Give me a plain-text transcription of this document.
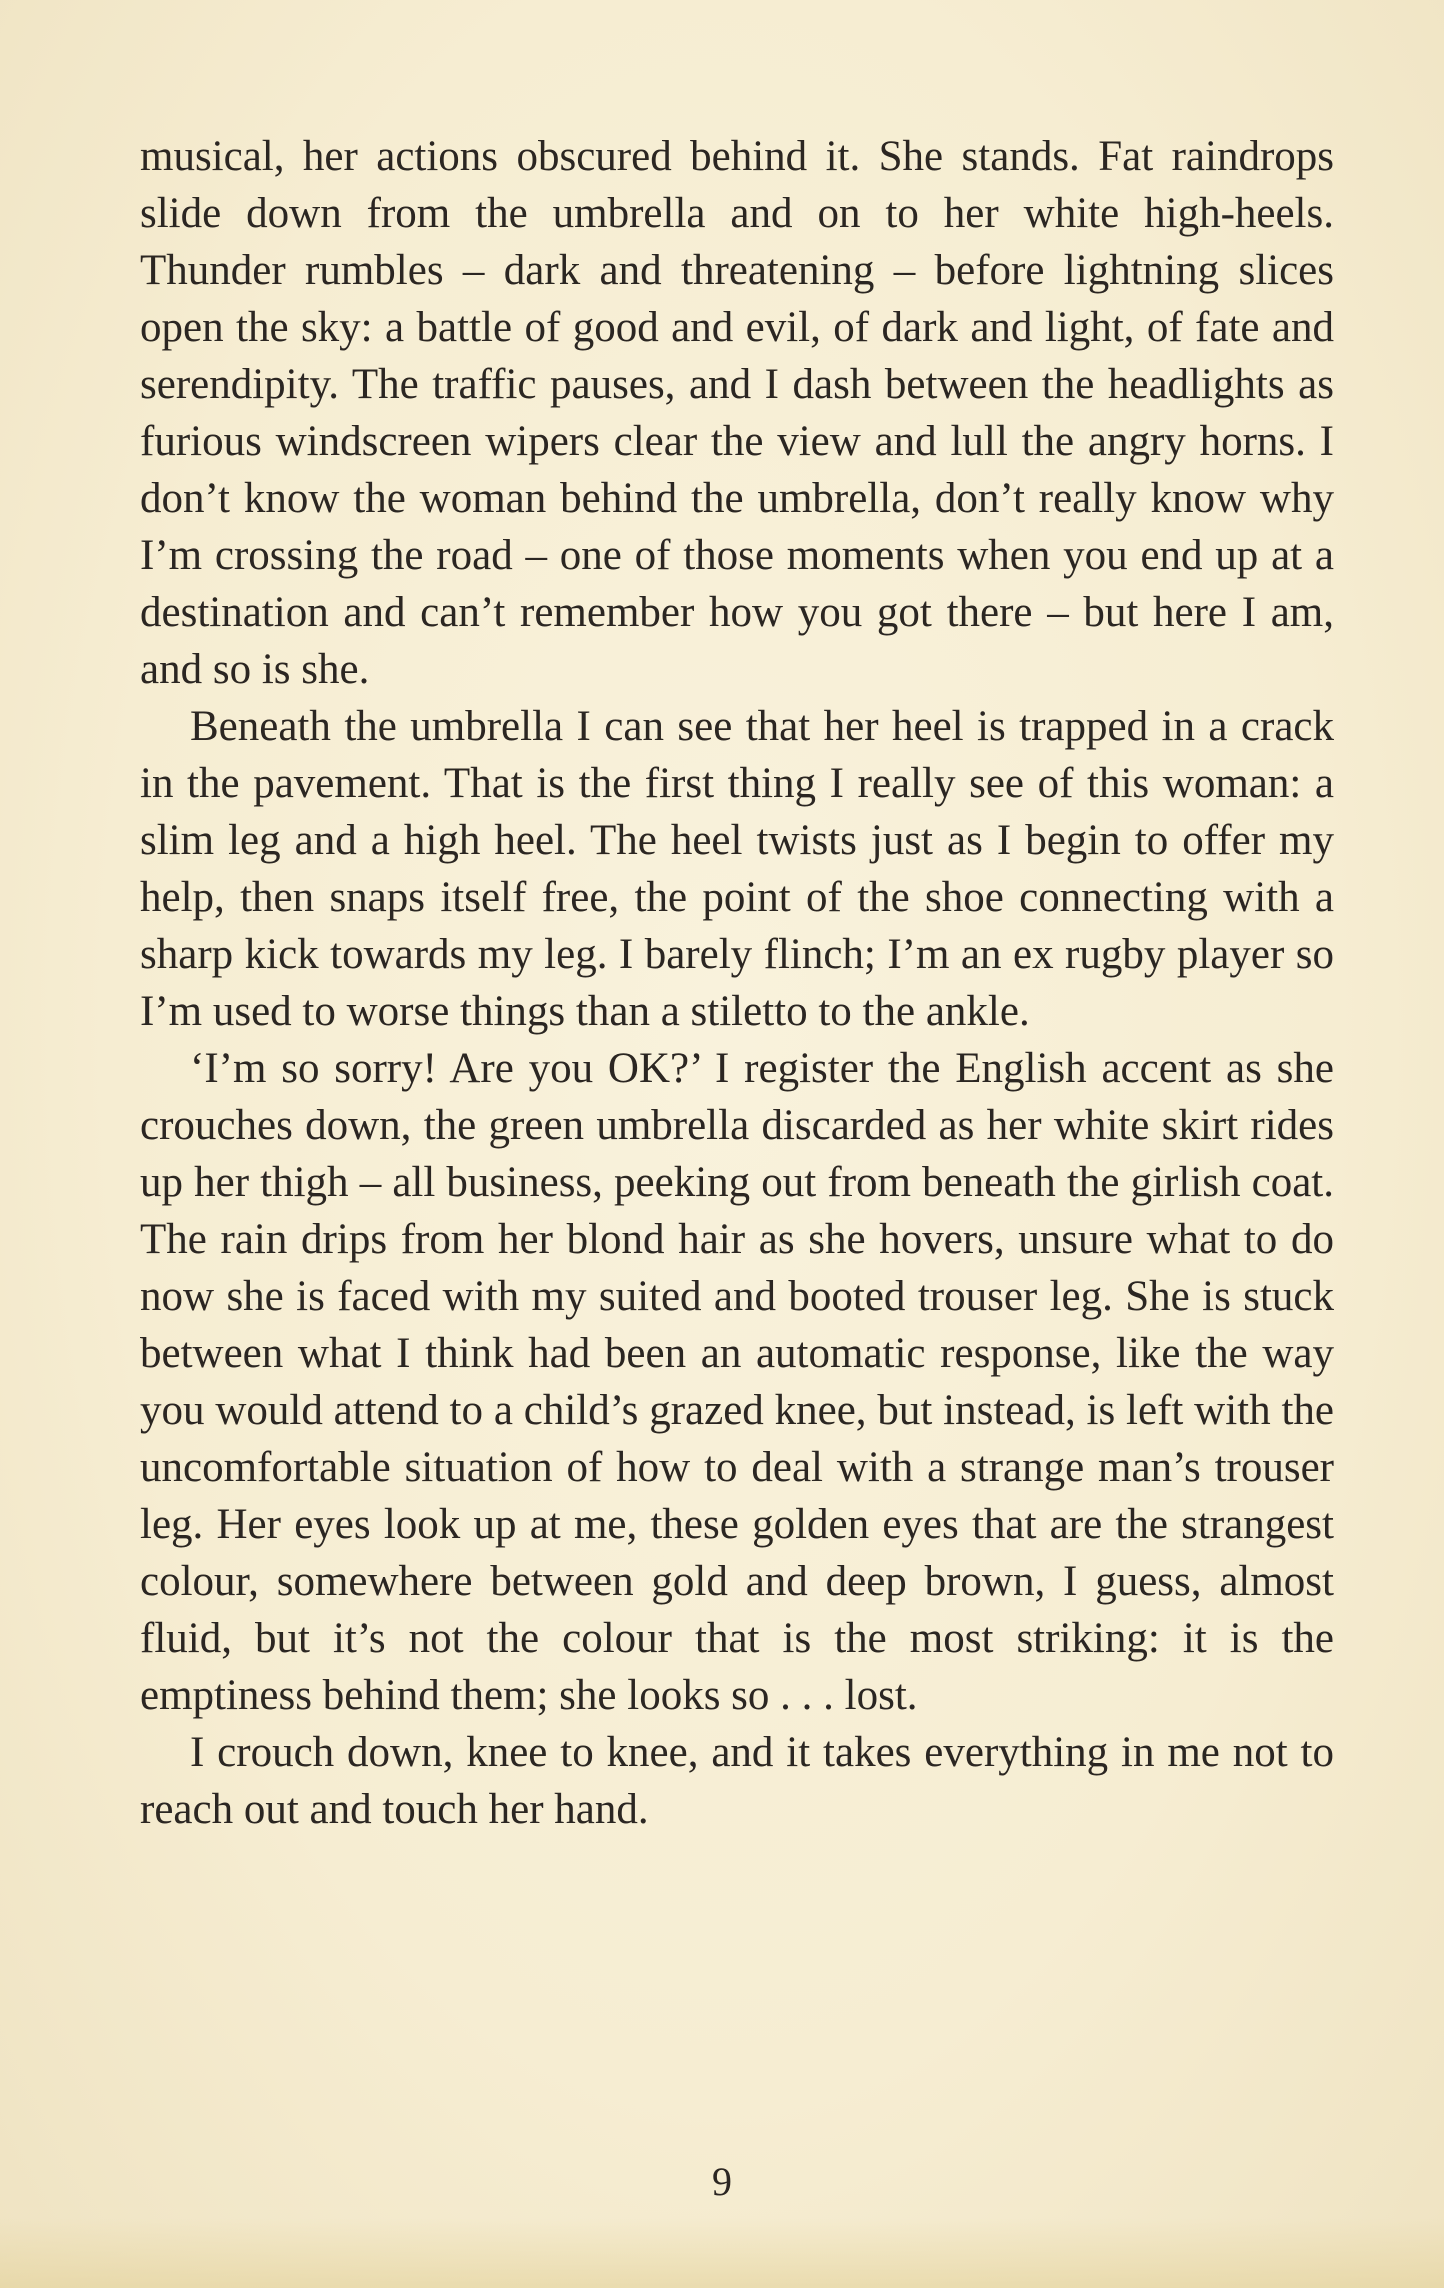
musical, her actions obscured behind it. She stands. Fat raindrops slide down from the umbrella and on to her white high-heels. Thunder rumbles – dark and threatening – before lightning slices open the sky: a battle of good and evil, of dark and light, of fate and serendipity. The traffic pauses, and I dash between the headlights as furious windscreen wipers clear the view and lull the angry horns. I don’t know the woman behind the umbrella, don’t really know why I’m crossing the road – one of those moments when you end up at a destination and can’t remember how you got there – but here I am, and so is she.

Beneath the umbrella I can see that her heel is trapped in a crack in the pavement. That is the first thing I really see of this woman: a slim leg and a high heel. The heel twists just as I begin to offer my help, then snaps itself free, the point of the shoe connecting with a sharp kick towards my leg. I barely flinch; I’m an ex rugby player so I’m used to worse things than a stiletto to the ankle.

‘I’m so sorry! Are you OK?’ I register the English accent as she crouches down, the green umbrella discarded as her white skirt rides up her thigh – all business, peeking out from beneath the girlish coat. The rain drips from her blond hair as she hovers, unsure what to do now she is faced with my suited and booted trouser leg. She is stuck between what I think had been an automatic response, like the way you would attend to a child’s grazed knee, but instead, is left with the uncomfortable situation of how to deal with a strange man’s trouser leg. Her eyes look up at me, these golden eyes that are the strangest colour, somewhere between gold and deep brown, I guess, almost fluid, but it’s not the colour that is the most striking: it is the emptiness behind them; she looks so . . . lost.

I crouch down, knee to knee, and it takes everything in me not to reach out and touch her hand.

9
